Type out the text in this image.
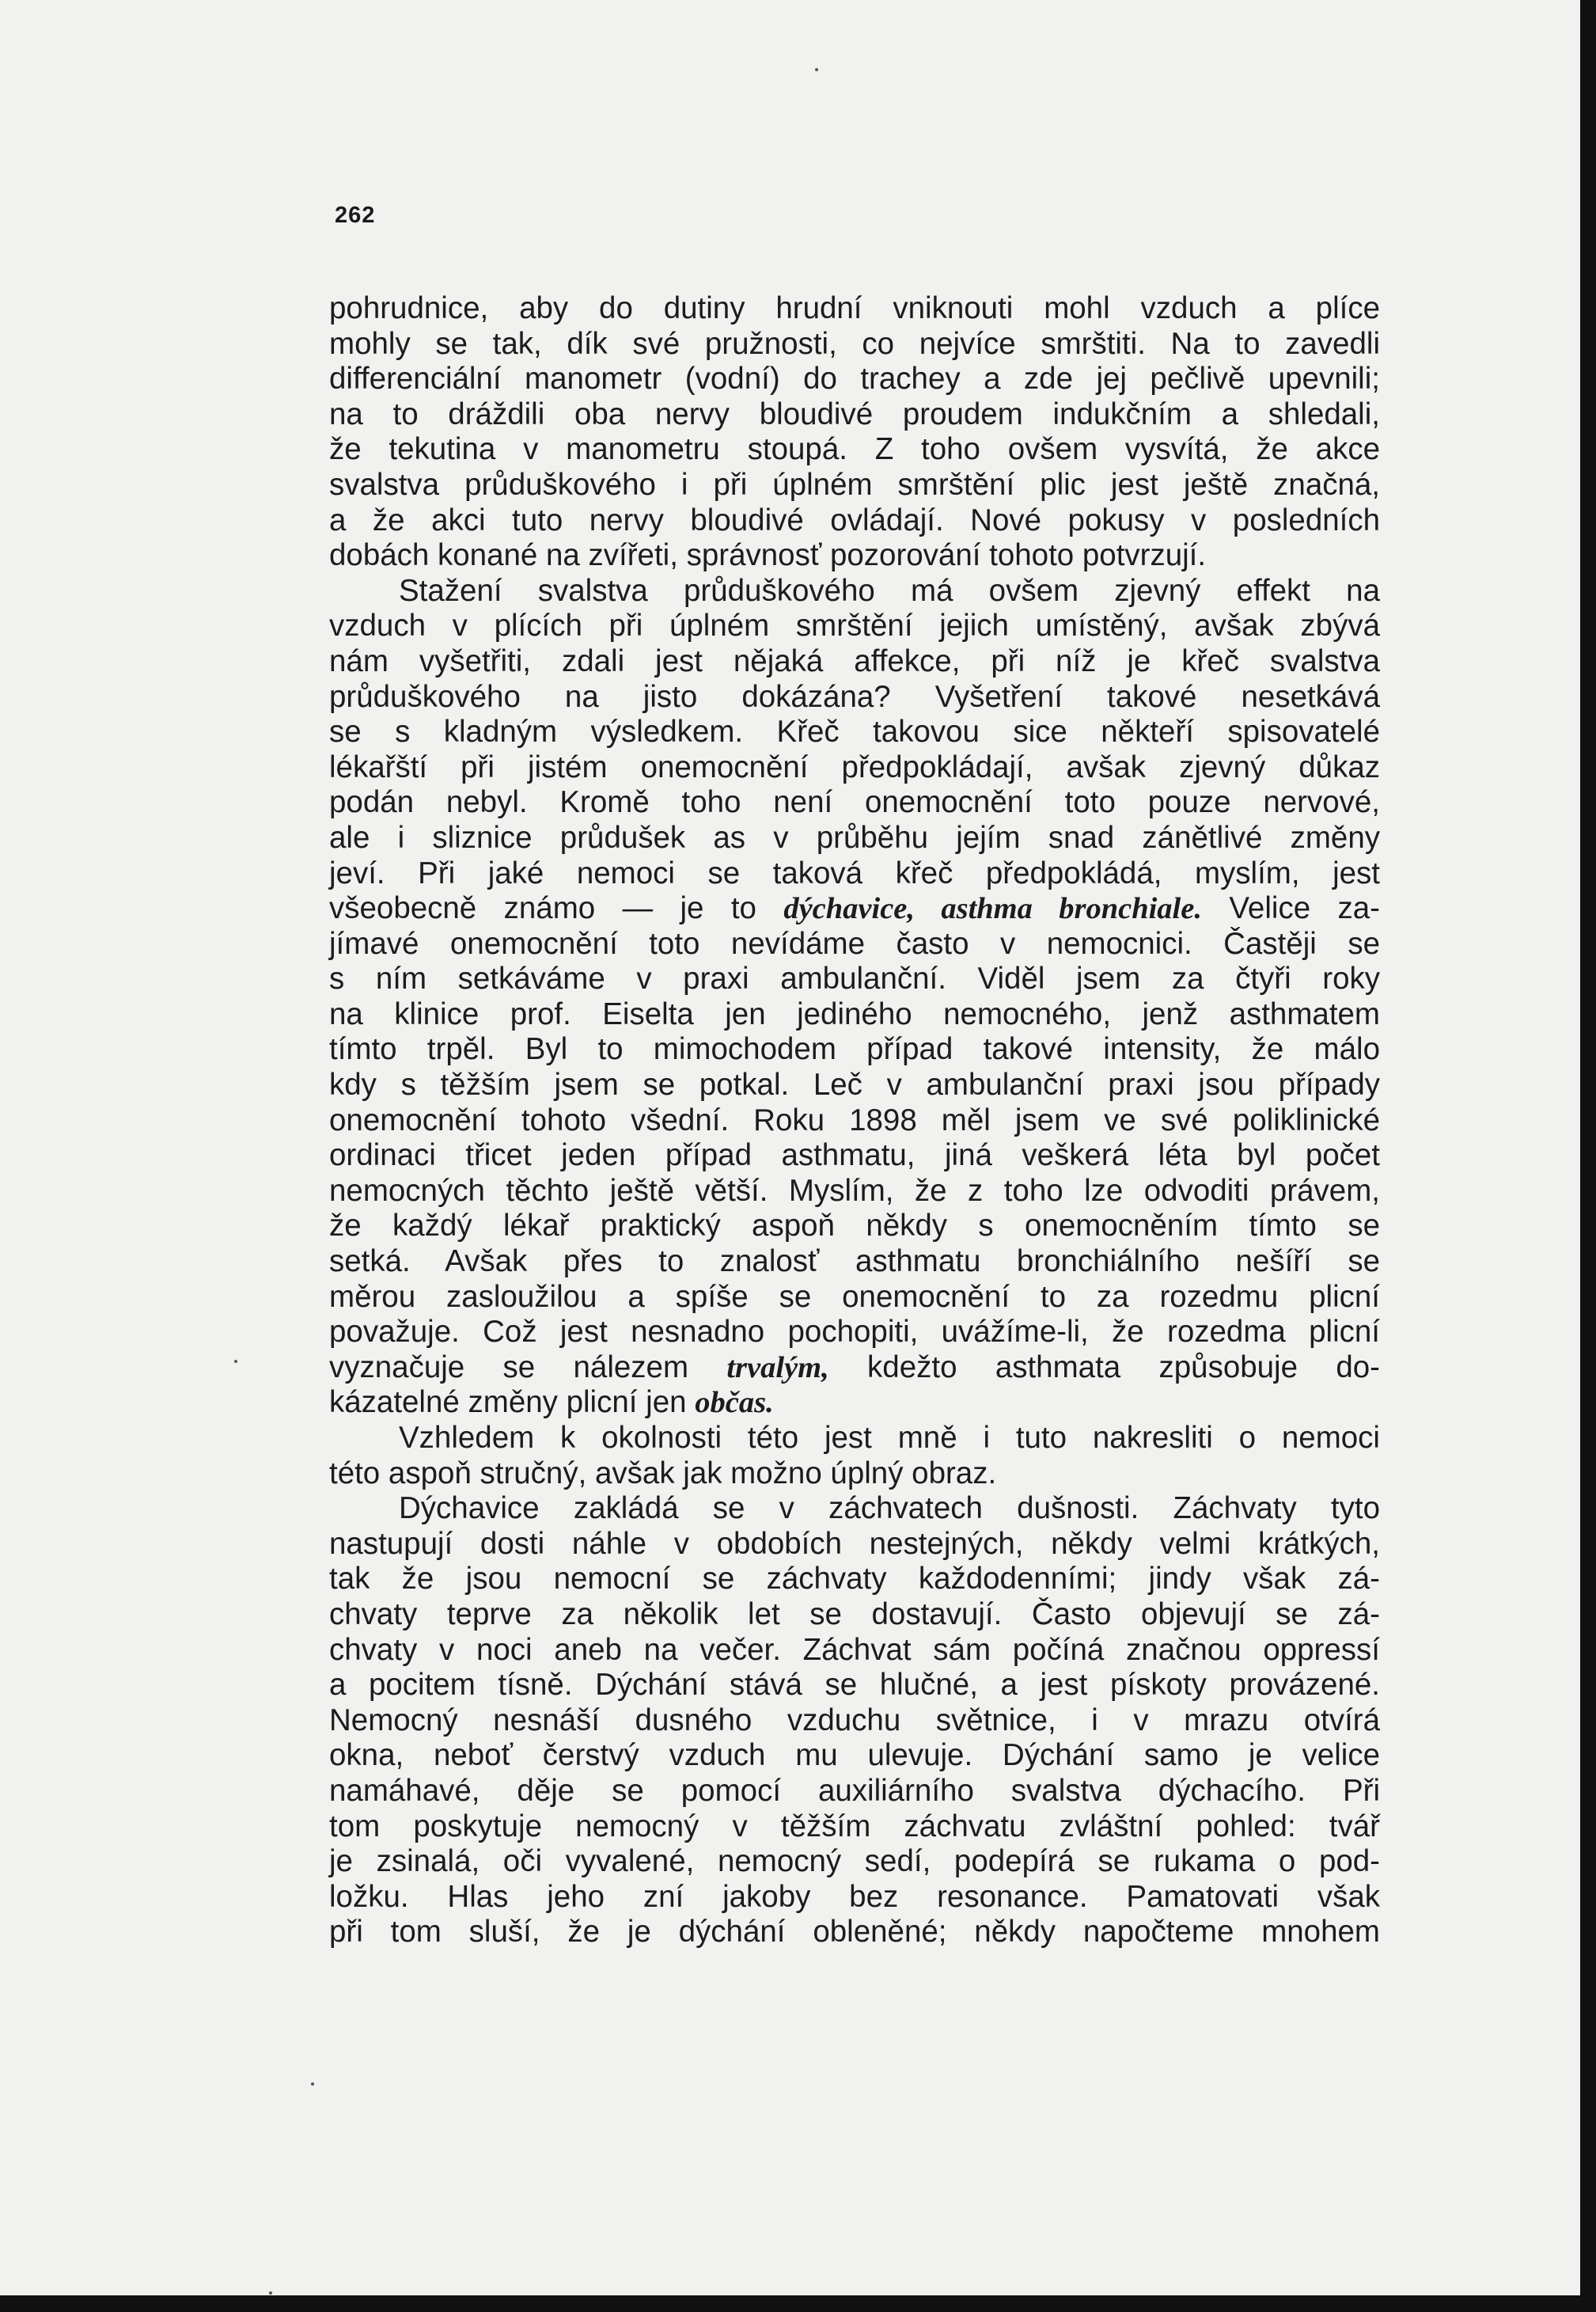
262
pohrudnice, aby do dutiny hrudní vniknouti mohl vzduch a plíce
mohly se tak, dík své pružnosti, co nejvíce smrštiti. Na to zavedli
differenciální manometr (vodní) do trachey a zde jej pečlivě upevnili;
na to dráždili oba nervy bloudivé proudem indukčním a shledali,
že tekutina v manometru stoupá. Z toho ovšem vysvítá, že akce
svalstva průduškového i při úplném smrštění plic jest ještě značná,
a že akci tuto nervy bloudivé ovládají. Nové pokusy v posledních
dobách konané na zvířeti, správnosť pozorování tohoto potvrzují.
Stažení svalstva průduškového má ovšem zjevný effekt na
vzduch v plících při úplném smrštění jejich umístěný, avšak zbývá
nám vyšetřiti, zdali jest nějaká affekce, při níž je křeč svalstva
průduškového na jisto dokázána? Vyšetření takové nesetkává
se s kladným výsledkem. Křeč takovou sice někteří spisovatelé
lékařští při jistém onemocnění předpokládají, avšak zjevný důkaz
podán nebyl. Kromě toho není onemocnění toto pouze nervové,
ale i sliznice průdušek as v průběhu jejím snad zánětlivé změny
jeví. Při jaké nemoci se taková křeč předpokládá, myslím, jest
všeobecně známo — je to dýchavice, asthma bronchiale. Velice za-
jímavé onemocnění toto nevídáme často v nemocnici. Častěji se
s ním setkáváme v praxi ambulanční. Viděl jsem za čtyři roky
na klinice prof. Eiselta jen jediného nemocného, jenž asthmatem
tímto trpěl. Byl to mimochodem případ takové intensity, že málo
kdy s těžším jsem se potkal. Leč v ambulanční praxi jsou případy
onemocnění tohoto všední. Roku 1898 měl jsem ve své poliklinické
ordinaci třicet jeden případ asthmatu, jiná veškerá léta byl počet
nemocných těchto ještě větší. Myslím, že z toho lze odvoditi právem,
že každý lékař praktický aspoň někdy s onemocněním tímto se
setká. Avšak přes to znalosť asthmatu bronchiálního nešíří se
měrou zasloužilou a spíše se onemocnění to za rozedmu plicní
považuje. Což jest nesnadno pochopiti, uvážíme-li, že rozedma plicní
vyznačuje se nálezem trvalým, kdežto asthmata způsobuje do-
kázatelné změny plicní jen občas.
Vzhledem k okolnosti této jest mně i tuto nakresliti o nemoci
této aspoň stručný, avšak jak možno úplný obraz.
Dýchavice zakládá se v záchvatech dušnosti. Záchvaty tyto
nastupují dosti náhle v obdobích nestejných, někdy velmi krátkých,
tak že jsou nemocní se záchvaty každodenními; jindy však zá-
chvaty teprve za několik let se dostavují. Často objevují se zá-
chvaty v noci aneb na večer. Záchvat sám počíná značnou oppressí
a pocitem tísně. Dýchání stává se hlučné, a jest pískoty provázené.
Nemocný nesnáší dusného vzduchu světnice, i v mrazu otvírá
okna, neboť čerstvý vzduch mu ulevuje. Dýchání samo je velice
namáhavé, děje se pomocí auxiliárního svalstva dýchacího. Při
tom poskytuje nemocný v těžším záchvatu zvláštní pohled: tvář
je zsinalá, oči vyvalené, nemocný sedí, podepírá se rukama o pod-
ložku. Hlas jeho zní jakoby bez resonance. Pamatovati však
při tom sluší, že je dýchání obleněné; někdy napočteme mnohem
